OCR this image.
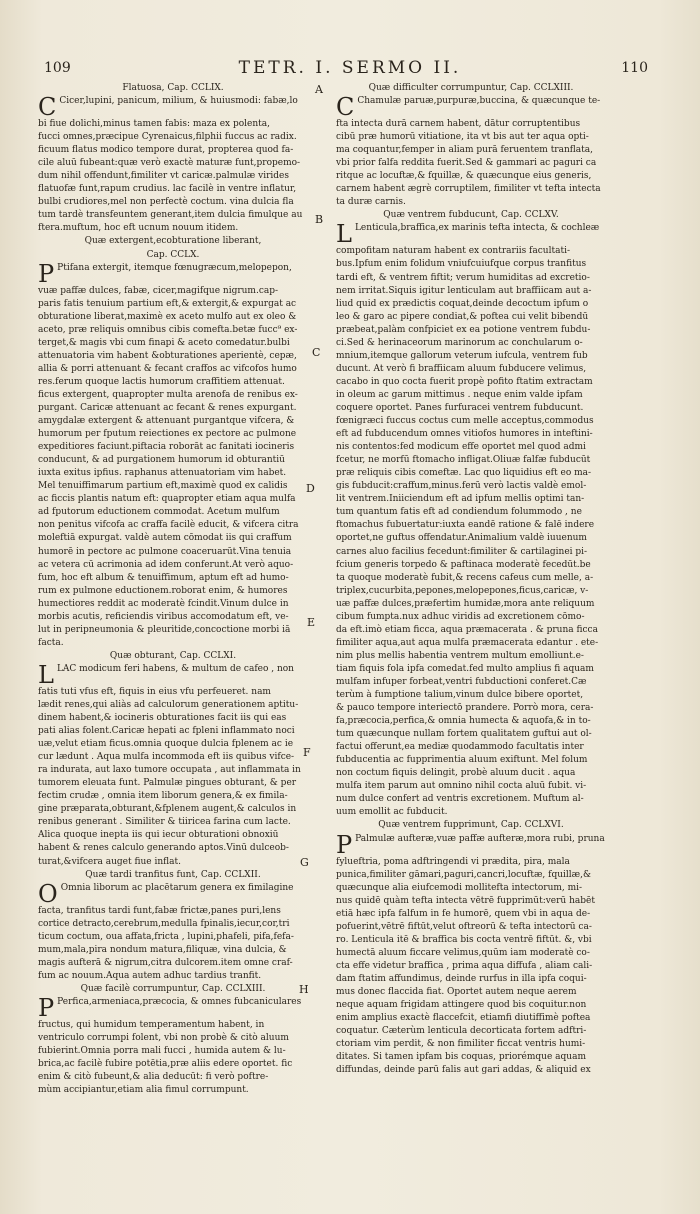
109	TETR. I. SERMO II.	110
Flatuosa, Cap. CCLIX.
C Cicer,lupini, panicum, milium, & huiusmodi: fabæ,lo
bi fiue dolichi,minus tamen fabis: maza ex polenta,
fucci omnes,præcipue Cyrenaicus,filphii fuccus ac radix.
ficuum flatus modico tempore durat, propterea quod fa-
cile aluū fubeant:quæ verò exactè maturæ funt,propemo-
dum nihil offendunt,fimiliter vt caricæ.palmulæ virides
flatuofæ funt,rapum crudius. lac facilè in ventre inflatur,
bulbi crudiores,mel non perfectè coctum. vina dulcia fla
tum tardè transfeuntem generant,item dulcia fimulque au
ftera.muftum, hoc eft ucnum nouum itidem.
Quæ extergent,ecobturatione liberant,
Cap. CCLX.
P Ptifana extergit, itemque fœnugræcum,melopepon,
vuæ paffæ dulces, fabæ, cicer,magifque nigrum.cap-
paris fatis tenuium partium eft,& extergit,& expurgat ac
obturatione liberat,maximè ex aceto mulfo aut ex oleo &
aceto, præ reliquis omnibus cibis comefta.betæ fucc⁹ ex-
terget,& magis vbi cum finapi & aceto comedatur.bulbi
attenuatoria vim habent &obturationes aperientè, cepæ,
allia & porri attenuant & fecant craffos ac vifcofos humo
res.ferum quoque lactis humorum craffitiem attenuat.
ficus extergent, quapropter multa arenofa de renibus ex-
purgant. Caricæ attenuant ac fecant & renes expurgant.
amygdalæ extergent & attenuant purgantque vifcera, &
humorum per fputum reiectiones ex pectore ac pulmone
expeditiores faciunt.piftacia roborāt ac fanitati iocineris
conducunt, & ad purgationem humorum id obturantiū
iuxta exitus ipfius. raphanus attenuatoriam vim habet.
Mel tenuiffimarum partium eft,maximè quod ex calidis
ac ficcis plantis natum eft: quapropter etiam aqua mulfa
ad fputorum eductionem commodat. Acetum mulfum
non penitus vifcofa ac craffa facilè educit, & vifcera citra
moleftiā expurgat. valdè autem cōmodat iis qui craffum
humorē in pectore ac pulmone coaceruarūt.Vina tenuia
ac vetera cū acrimonia ad idem conferunt.At verò aquo-
fum, hoc eft album & tenuiffimum, aptum eft ad humo-
rum ex pulmone eductionem.roborat enim, & humores
humectiores reddit ac moderatè fcindit.Vinum dulce in
morbis acutis, reficiendis viribus accomodatum eft, ve-
lut in peripneumonia & pleuritide,concoctione morbi iā
facta.
Quæ obturant, Cap. CCLXI.
LLAC modicum feri habens, & multum de cafeo , non
fatis tuti vfus eft, fiquis in eius vfu perfeueret. nam
lædit renes,qui aliàs ad calculorum generationem aptitu-
dinem habent,& iocineris obturationes facit iis qui eas
pati alias folent.Caricæ hepati ac fpleni inflammato noci
uæ,velut etiam ficus.omnia quoque dulcia fplenem ac ie
cur lædunt . Aqua mulfa incommoda eft iis quibus vifce-
ra indurata, aut laxo tumore occupata , aut inflammata in
tumorem eleuata funt. Palmulæ pingues obturant, & per
fectim crudæ , omnia item liborum genera,& ex fimila-
gine præparata,obturant,&fplenem augent,& calculos in
renibus generant . Similiter & tiiricea farina cum lacte.
Alica quoque inepta iis qui iecur obturationi obnoxiū
habent & renes calculo generando aptos.Vinū dulceob-
turat,&vifcera auget fiue inflat.
Quæ tardi tranfitus funt, Cap. CCLXII.
O Omnia liborum ac placētarum genera ex fimilagine
facta, tranfitus tardi funt,fabæ frictæ,panes puri,lens
cortice detracto,cerebrum,medulla fpinalis,iecur,cor,tri
ticum coctum, oua affata,fricta , lupini,phafeli, pifa,fefa-
mum,mala,pira nondum matura,filiquæ, vina dulcia, &
magis aufterā & nigrum,citra dulcorem.item omne craf-
fum ac nouum.Aqua autem adhuc tardius tranfit.
Quæ facilè corrumpuntur, Cap. CCLXIII.
P Perfica,armeniaca,præcocia, & omnes fubcaniculares
fructus, qui humidum temperamentum habent, in
ventriculo corrumpi folent, vbi non probè & citò aluum
fubierint.Omnia porra mali fucci , humida autem & lu-
brica,ac facilè fubire potētia,præ aliis edere oportet. fic
enim & citò fubeunt,& alia deducūt: fi verò poftre-
mùm accipiantur,etiam alia fimul corrumpunt.
Quæ difficulter corrumpuntur, Cap. CCLXIII.
C Chamulæ paruæ,purpuræ,buccina, & quæcunque te-
fta intecta durā carnem habent, dātur corruptentibus
cibū præ humorū vitiatione, ita vt bis aut ter aqua opti-
ma coquantur,femper in aliam purā feruentem tranflata,
vbi prior falfa reddita fuerit.Sed & gammari ac paguri ca
ritque ac locuftæ,& fquillæ, & quæcunque eius generis,
carnem habent ægrè corruptilem, fimiliter vt tefta intecta
ta duræ carnis.
Quæ ventrem fubducunt, Cap. CCLXV.
L Lenticula,braffica,ex marinis tefta intecta, & cochleæ
compofitam naturam habent ex contrariis facultati-
bus.Ipfum enim folidum vniufcuiufque corpus tranfitus
tardi eft, & ventrem fiftit; verum humiditas ad excretio-
nem irritat.Siquis igitur lenticulam aut braffiicam aut a-
liud quid ex prædictis coquat,deinde decoctum ipfum o
leo & garo ac pipere condiat,& poftea cui velit bibendū
præbeat,palàm confpiciet ex ea potione ventrem fubdu-
ci.Sed & herinaceorum marinorum ac conchularum o-
mnium,itemque gallorum veterum iufcula, ventrem fub
ducunt. At verò fi braffiicam aluum fubducere velimus,
cacabo in quo cocta fuerit propè pofito ftatim extractam
in oleum ac garum mittimus . neque enim valde ipfam
coquere oportet. Panes furfuracei ventrem fubducunt.
fœnigræci fuccus coctus cum melle acceptus,commodus
eft ad fubducendum omnes vitiofos humores in inteftini-
nis contentos:fed modicum effe oportet mel quod admi
fcetur, ne morfū ftomacho infligat.Oliuæ falfæ fubducūt
præ reliquis cibis comeftæ. Lac quo liquidius eft eo ma-
gis fubducit:craffum,minus.ferū verò lactis valdè emol-
lit ventrem.Iniiciendum eft ad ipfum mellis optimi tan-
tum quantum fatis eft ad condiendum folummodo , ne
ftomachus fubuertatur:iuxta eandē ratione & falē indere
oportet,ne guftus offendatur.Animalium valdè iuuenum
carnes aluo facilius fecedunt:fimiliter & cartilaginei pi-
fcium generis torpedo & paftinaca moderatè fecedūt.be
ta quoque moderatè fubit,& recens cafeus cum melle, a-
triplex,cucurbita,pepones,melopepones,ficus,caricæ, v-
uæ paffæ dulces,præfertim humidæ,mora ante reliquum
cibum fumpta.nux adhuc viridis ad excretionem cōmo-
da eft.imò etiam ficca, aqua præmacerata . & pruna ficca
fimiliter aqua,aut aqua mulfa præmacerata edantur . ete-
nim plus mellis habentia ventrem multum emolliunt.e-
tiam fiquis fola ipfa comedat.fed multo amplius fi aquam
mulfam infuper forbeat,ventri fubductioni conferet.Cæ
terùm à fumptione talium,vinum dulce bibere oportet,
& pauco tempore interiectō prandere. Porrò mora, cera-
fa,præcocia,perfica,& omnia humecta & aquofa,& in to-
tum quæcunque nullam fortem qualitatem guftui aut ol-
factui offerunt,ea mediæ quodammodo facultatis inter
fubducentia ac fupprimentia aluum exiftunt. Mel folum
non coctum fiquis delingit, probè aluum ducit . aqua
mulfa item parum aut omnino nihil cocta aluū fubit. vi-
num dulce confert ad ventris excretionem. Muftum al-
uum emollit ac fubducit.
Quæ ventrem fupprimunt, Cap. CCLXVI.
P Palmulæ aufteræ,vuæ paffæ aufteræ,mora rubi, pruna
fylueftria, poma adftringendi vi prædita, pira, mala
punica,fimiliter gāmari,paguri,cancri,locuftæ, fquillæ,&
quæcunque alia eiufcemodi mollitefta intectorum, mi-
nus quidē quàm tefta intecta vētrē fupprimūt:verū habēt
etiā hæc ipfa falfum in fe humorē, quem vbi in aqua de-
pofuerint,vētrē fiftūt,velut oftreorū & tefta intectorū ca-
ro. Lenticula itē & braffica bis cocta ventrē fiftūt. &, vbi
humectā aluum ficcare velimus,quūm iam moderatè co-
cta effe videtur braffica , prima aqua diffufa , aliam cali-
dam ftatim affundimus, deinde rurfus in illa ipfa coqui-
mus donec flaccida fiat. Oportet autem neque aerem
neque aquam frigidam attingere quod bis coquitur.non
enim amplius exactè flaccefcit, etiamfi diutiffimè poftea
coquatur. Cæterùm lenticula decorticata fortem adftri-
ctoriam vim perdit, & non fimiliter ficcat ventris humi-
ditates. Si tamen ipfam bis coquas, priorémque aquam
diffundas, deinde parū falis aut gari addas, & aliquid ex
A
B
C
D
E
F
G
H
